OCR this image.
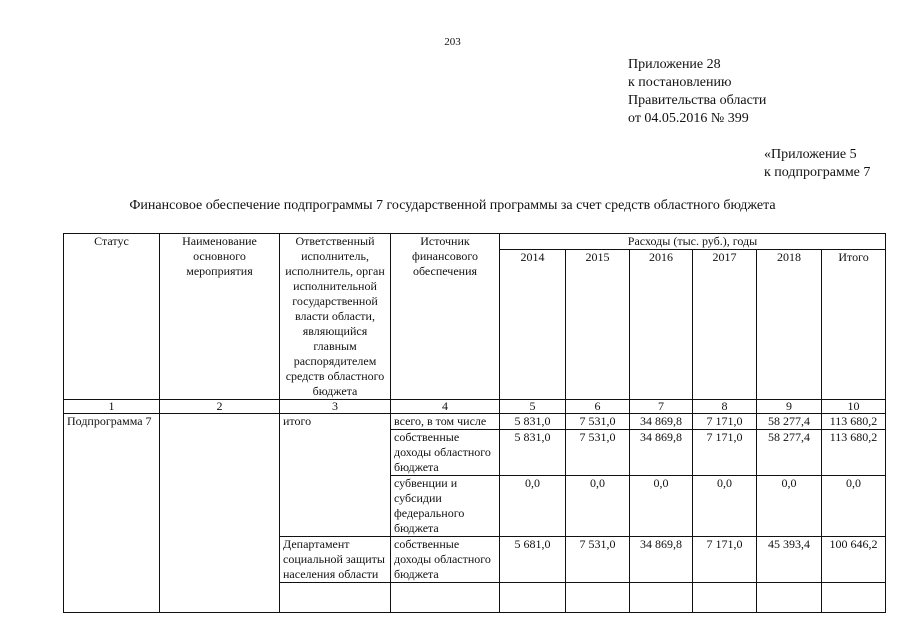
203
Приложение 28
к постановлению
Правительства области
от 04.05.2016 № 399
«Приложение 5
к подпрограмме 7
Финансовое обеспечение подпрограммы 7 государственной программы за счет средств областного бюджета
Статус	Наименование основного мероприятия	Ответственный исполнитель, исполнитель, орган исполнительной государственной власти области, являющийся главным распорядителем средств областного бюджета	Источник финансового обеспечения	Расходы (тыс. руб.), годы					
				2014	2015	2016	2017	2018	Итого
1	2	3	4	5	6	7	8	9	10
Подпрограмма 7		итого	всего, в том числе	5 831,0	7 531,0	34 869,8	7 171,0	58 277,4	113 680,2
			собственные доходы областного бюджета	5 831,0	7 531,0	34 869,8	7 171,0	58 277,4	113 680,2
			субвенции и субсидии федерального бюджета	0,0	0,0	0,0	0,0	0,0	0,0
		Департамент социальной защиты населения области	собственные доходы областного бюджета	5 681,0	7 531,0	34 869,8	7 171,0	45 393,4	100 646,2
